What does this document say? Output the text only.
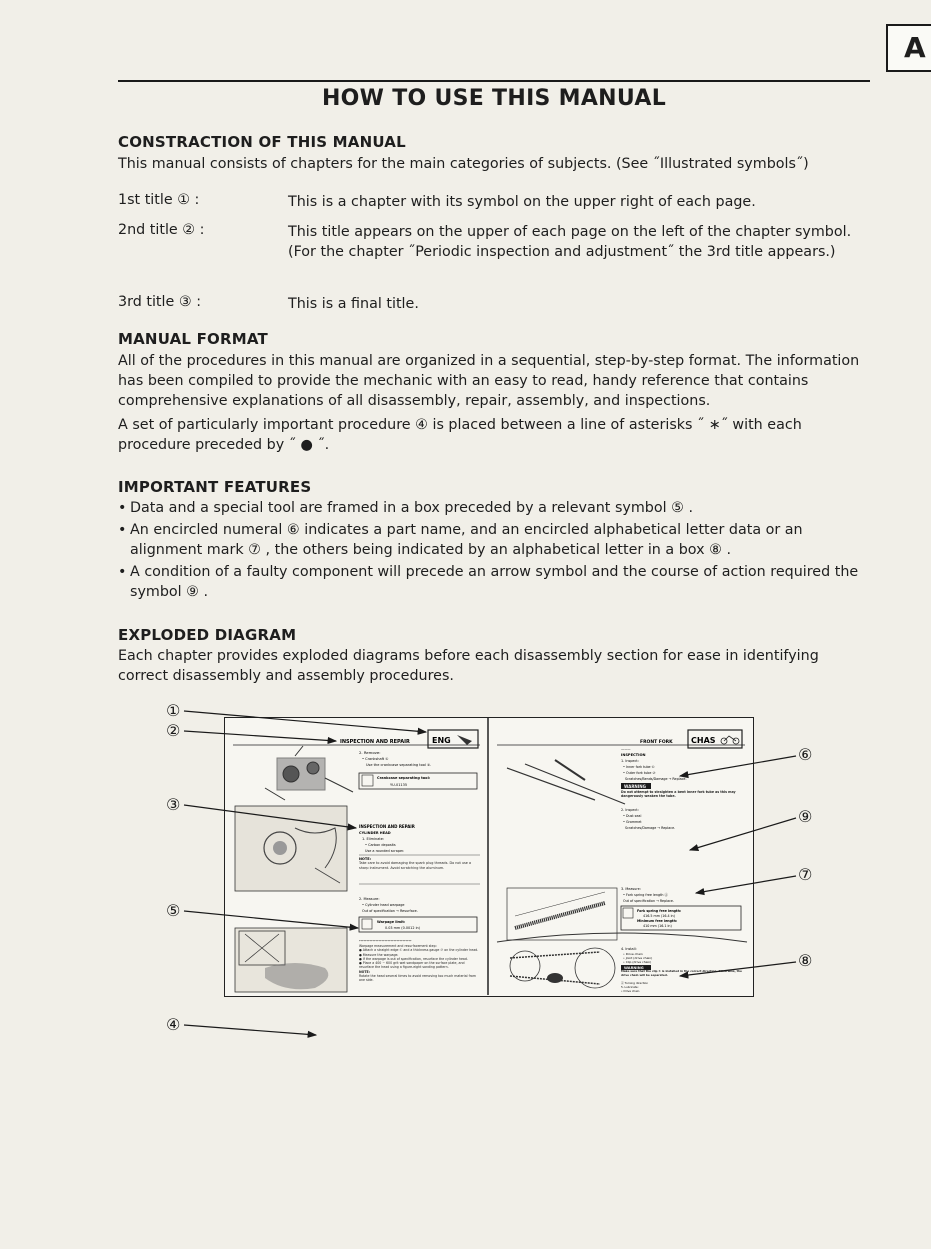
A
HOW TO USE THIS MANUAL
CONSTRACTION OF THIS MANUAL
This manual consists of chapters for the main categories of subjects. (See ˝Illustrated symbols˝)
1st title ① :	This is a chapter with its symbol on the upper right of each page.
2nd title ② :	This title appears on the upper of each page on the left of the chapter symbol. (For the chapter ˝Periodic inspection and adjustment˝ the 3rd title appears.)
3rd title ③ :	This is a final title.
MANUAL FORMAT
All of the procedures in this manual are organized in a sequential, step-by-step format. The information has been compiled to provide the mechanic with an easy to read, handy reference that contains comprehensive explanations of all disassembly, repair, assembly, and inspections.
A set of particularly important procedure ④ is placed between a line of asterisks ˝ ∗˝ with each procedure preceded by ˝ ● ˝.
IMPORTANT FEATURES
• Data and a special tool are framed in a box preceded by a relevant symbol ⑤ .
• An encircled numeral ⑥ indicates a part name, and an encircled alphabetical letter data or an alignment mark ⑦ , the others being indicated by an alphabetical letter in a box ⑧ .
• A condition of a faulty component will precede an arrow symbol and the course of action required the symbol ⑨ .
EXPLODED DIAGRAM
Each chapter provides exploded diagrams before each disassembly section for ease in identifying correct disassembly and assembly procedures.
INSPECTION AND REPAIR	ENG
2. Remove:
• Crankshaft ①
Use the crankcase separating tool ②.
Crankcase separating tool:
YU-01135
INSPECTION AND REPAIR
CYLINDER HEAD
1. Eliminate:
• Carbon deposits
Use a rounded scraper.
NOTE:
Take care to avoid damaging the spark plug threads. Do not use a sharp instrument. Avoid scratching the aluminum.
2. Measure:
• Cylinder head warpage
Out of specification → Resurface.
Warpage limit:
0.03 mm (0.0012 in)
***********************************
Warpage measurement and resurfacement step:
● Attach a straight edge ① and a thickness gauge ② on the cylinder head.
● Measure the warpage.
● If the warpage is out of specification, resurface the cylinder head.
● Place a 400 ~ 600 grit wet sandpaper on the surface plate, and resurface the head using a figure-eight sanding pattern.
NOTE:
Rotate the head several times to avoid removing too much material from one side.
FRONT FORK CHAS
———
INSPECTION
1. Inspect:
• Inner fork tube ①
• Outer fork tube ②
Scratches/Bends/Damage → Replace.
WARNING
Do not attempt to straighten a bent inner fork tube as this may dangerously weaken the tube.
2. Inspect:
• Dust seal
• Grommet
Scratches/Damage → Replace.
3. Measure:
• Fork spring free length Ⓐ
Out of specification → Replace.
Fork spring free length:
416.5 mm (16.4 in)
Minimum free length:
410 mm (16.1 in)
4. Install:
• Drive chain
• Joint (drive chain)
• Clip (drive chain)
WARNING
Make sure that the clip ① is installed in the correct direction. Otherwise, the drive chain will be separated.
Ⓐ Turning direction
5. Lubricate:
• Drive chain
①
②
③
⑤
④
⑥
⑨
⑦
⑧
